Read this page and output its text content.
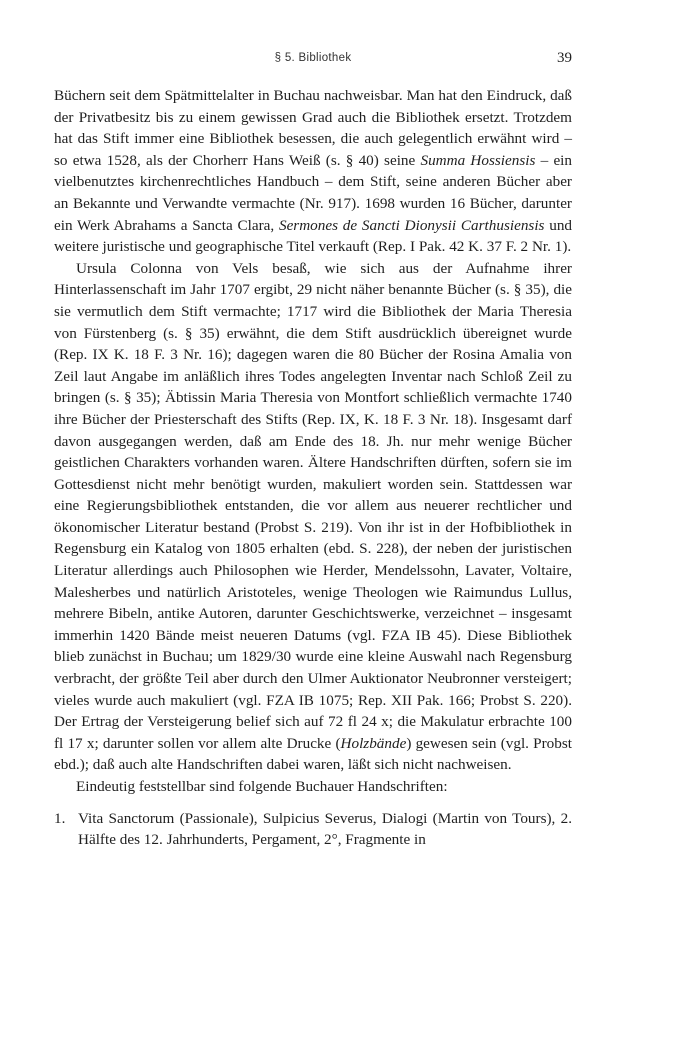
§ 5. Bibliothek	39

Büchern seit dem Spätmittelalter in Buchau nachweisbar. Man hat den Eindruck, daß der Privatbesitz bis zu einem gewissen Grad auch die Bibliothek ersetzt. Trotzdem hat das Stift immer eine Bibliothek besessen, die auch gelegentlich erwähnt wird – so etwa 1528, als der Chorherr Hans Weiß (s. § 40) seine Summa Hossiensis – ein vielbenutztes kirchenrechtliches Handbuch – dem Stift, seine anderen Bücher aber an Bekannte und Verwandte vermachte (Nr. 917). 1698 wurden 16 Bücher, darunter ein Werk Abrahams a Sancta Clara, Sermones de Sancti Dionysii Carthusiensis und weitere juristische und geographische Titel verkauft (Rep. I Pak. 42 K. 37 F. 2 Nr. 1).

Ursula Colonna von Vels besaß, wie sich aus der Aufnahme ihrer Hinterlassenschaft im Jahr 1707 ergibt, 29 nicht näher benannte Bücher (s. § 35), die sie vermutlich dem Stift vermachte; 1717 wird die Bibliothek der Maria Theresia von Fürstenberg (s. § 35) erwähnt, die dem Stift ausdrücklich übereignet wurde (Rep. IX K. 18 F. 3 Nr. 16); dagegen waren die 80 Bücher der Rosina Amalia von Zeil laut Angabe im anläßlich ihres Todes angelegten Inventar nach Schloß Zeil zu bringen (s. § 35); Äbtissin Maria Theresia von Montfort schließlich vermachte 1740 ihre Bücher der Priesterschaft des Stifts (Rep. IX, K. 18 F. 3 Nr. 18). Insgesamt darf davon ausgegangen werden, daß am Ende des 18. Jh. nur mehr wenige Bücher geistlichen Charakters vorhanden waren. Ältere Handschriften dürften, sofern sie im Gottesdienst nicht mehr benötigt wurden, makuliert worden sein. Stattdessen war eine Regierungsbibliothek entstanden, die vor allem aus neuerer rechtlicher und ökonomischer Literatur bestand (Probst S. 219). Von ihr ist in der Hofbibliothek in Regensburg ein Katalog von 1805 erhalten (ebd. S. 228), der neben der juristischen Literatur allerdings auch Philosophen wie Herder, Mendelssohn, Lavater, Voltaire, Malesherbes und natürlich Aristoteles, wenige Theologen wie Raimundus Lullus, mehrere Bibeln, antike Autoren, darunter Geschichtswerke, verzeichnet – insgesamt immerhin 1420 Bände meist neueren Datums (vgl. FZA IB 45). Diese Bibliothek blieb zunächst in Buchau; um 1829/30 wurde eine kleine Auswahl nach Regensburg verbracht, der größte Teil aber durch den Ulmer Auktionator Neubronner versteigert; vieles wurde auch makuliert (vgl. FZA IB 1075; Rep. XII Pak. 166; Probst S. 220). Der Ertrag der Versteigerung belief sich auf 72 fl 24 x; die Makulatur erbrachte 100 fl 17 x; darunter sollen vor allem alte Drucke (Holzbände) gewesen sein (vgl. Probst ebd.); daß auch alte Handschriften dabei waren, läßt sich nicht nachweisen.

Eindeutig feststellbar sind folgende Buchauer Handschriften:

1. Vita Sanctorum (Passionale), Sulpicius Severus, Dialogi (Martin von Tours), 2. Hälfte des 12. Jahrhunderts, Pergament, 2°, Fragmente in
